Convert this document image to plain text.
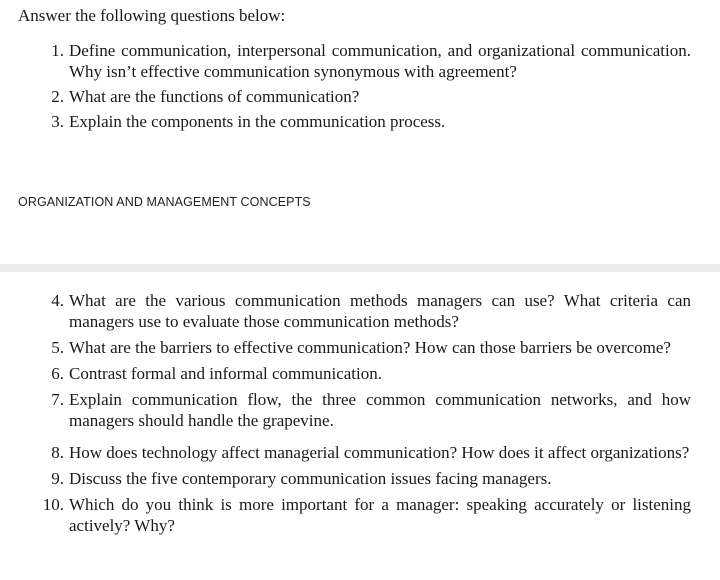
Answer the following questions below:
1. Define communication, interpersonal communication, and organizational communication. Why isn’t effective communication synonymous with agreement?
2. What are the functions of communication?
3. Explain the components in the communication process.
ORGANIZATION AND MANAGEMENT CONCEPTS
4. What are the various communication methods managers can use? What criteria can managers use to evaluate those communication methods?
5. What are the barriers to effective communication? How can those barriers be overcome?
6. Contrast formal and informal communication.
7. Explain communication flow, the three common communication networks, and how managers should handle the grapevine.
8. How does technology affect managerial communication? How does it affect organizations?
9. Discuss the five contemporary communication issues facing managers.
10. Which do you think is more important for a manager: speaking accurately or listening actively? Why?
